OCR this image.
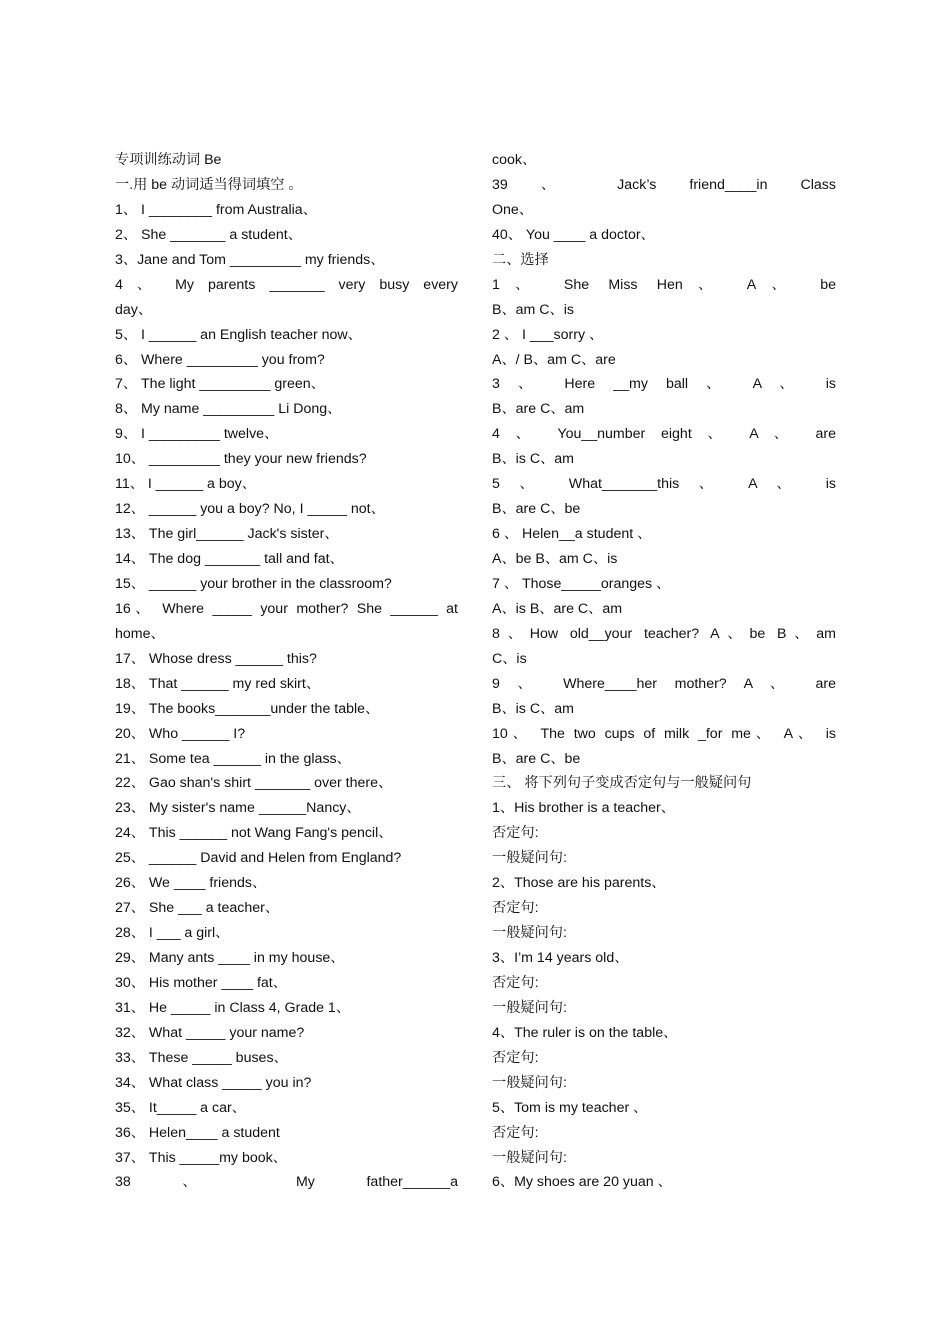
专项训练动词 Be
一.用 be 动词适当得词填空 。
1、 I ________ from Australia、
2、 She _______ a student、
3、Jane and Tom _________ my friends、
4 、 My parents _______ very busy every
day、
5、 I ______ an English teacher now、
6、 Where _________ you from?
7、 The light _________ green、
8、 My name _________ Li Dong、
9、 I _________ twelve、
10、 _________ they your new friends?
11、 I ______ a boy、
12、 ______ you a boy? No, I _____ not、
13、 The girl______ Jack's sister、
14、 The dog _______ tall and fat、
15、 ______ your brother in the classroom?
16、 Where _____ your mother? She ______ at
home、
17、 Whose dress ______ this?
18、 That ______ my red skirt、
19、 The books_______under the table、
20、 Who ______ I?
21、 Some tea ______ in the glass、
22、 Gao shan's shirt _______ over there、
23、 My sister's name ______Nancy、
24、 This ______ not Wang Fang's pencil、
25、 ______ David and Helen from England?
26、 We ____ friends、
27、 She ___ a teacher、
28、 I ___ a girl、
29、 Many ants ____ in my house、
30、 His mother ____ fat、
31、 He _____ in Class 4, Grade 1、
32、 What _____ your name?
33、 These _____ buses、
34、 What class _____ you in?
35、 It_____ a car、
36、 Helen____ a student
37、 This _____my book、
38 、 My father______a
cook、
39 、 Jack’s friend____in Class
One、
40、 You ____ a doctor、
二、选择
1、 She Miss Hen、 A、 be
B、am C、is
2 、 I ___sorry 、
A、/ B、am C、are
3 、 Here __my ball 、 A 、 is
B、are C、am
4 、 You__number eight 、 A 、 are
B、is C、am
5 、 What_______this 、 A 、 is
B、are C、be
6 、 Helen__a student 、
A、be B、am C、is
7 、 Those_____oranges 、
A、is B、are C、am
8、How old__your teacher? A、be B、am
C、is
9 、 Where____her mother? A 、 are
B、is C、am
10、 The two cups of milk _for me、 A、 is
B、are C、be
三、 将下列句子变成否定句与一般疑问句
1、His brother is a teacher、
否定句:
一般疑问句:
2、Those are his parents、
否定句:
一般疑问句:
3、I’m 14 years old、
否定句:
一般疑问句:
4、The ruler is on the table、
否定句:
一般疑问句:
5、Tom is my teacher 、
否定句:
一般疑问句:
6、My shoes are 20 yuan 、
